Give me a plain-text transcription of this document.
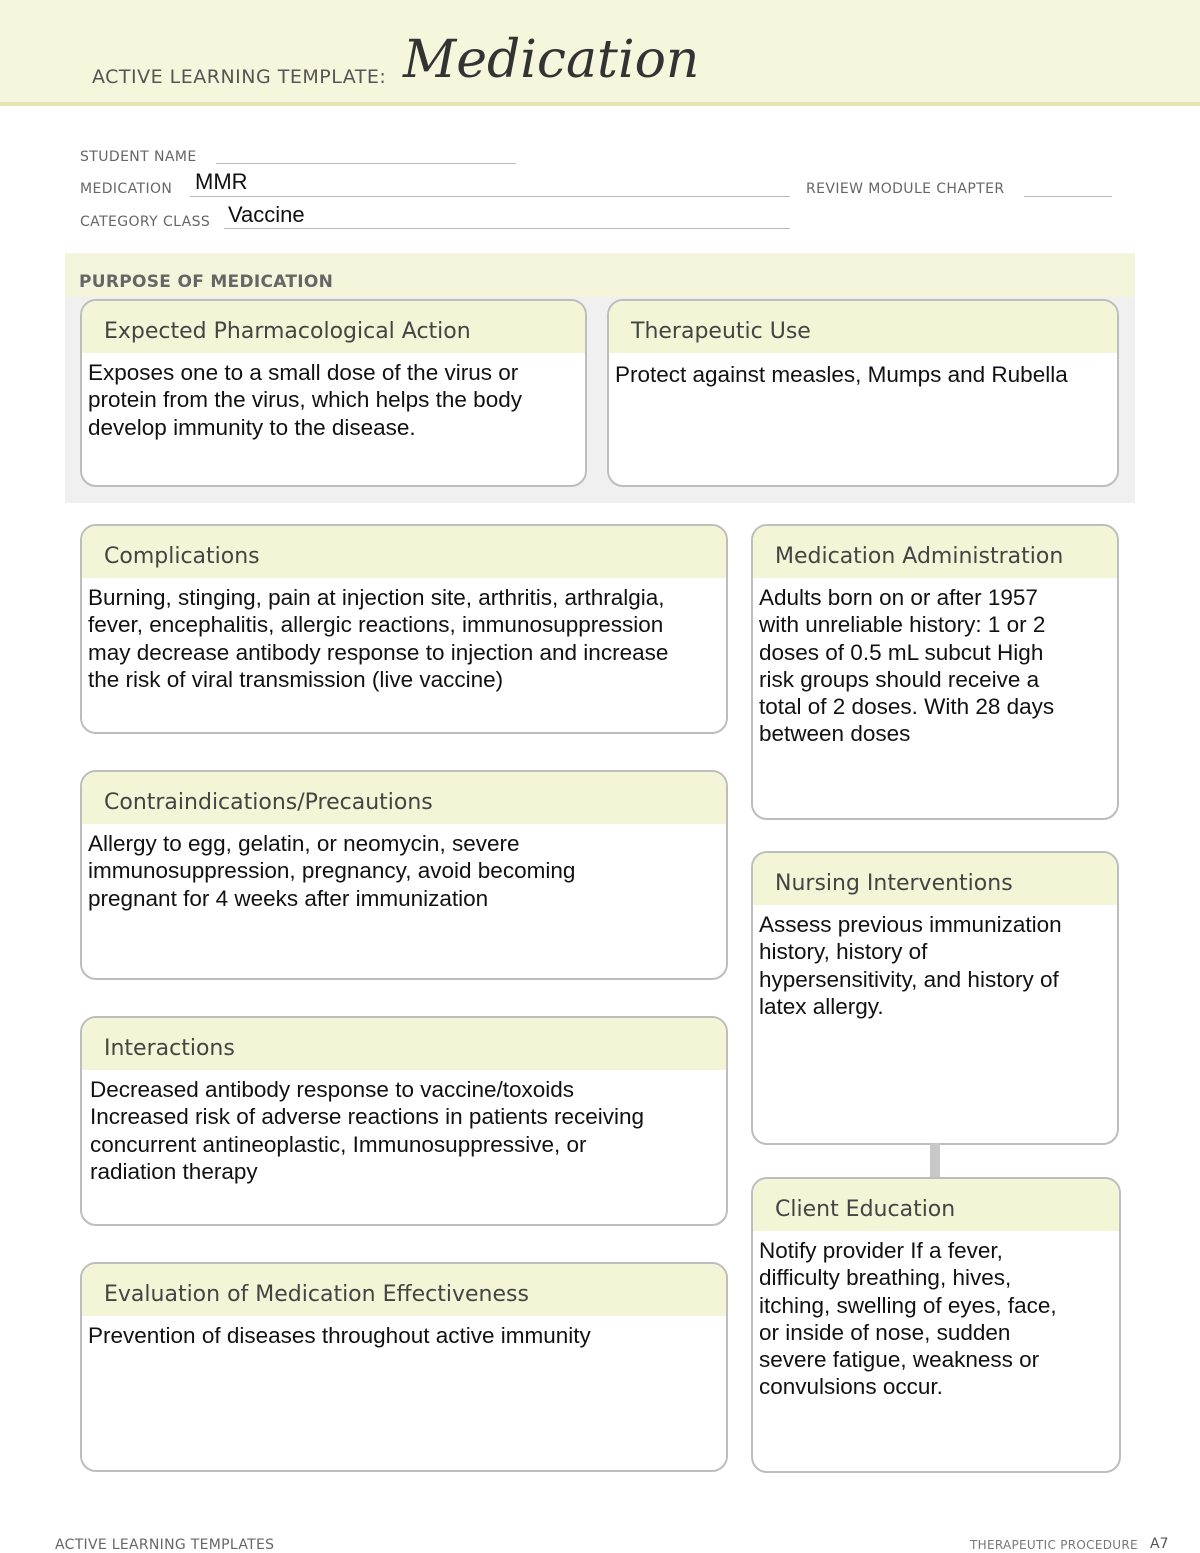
ACTIVE LEARNING TEMPLATE: Medication
STUDENT NAME
MEDICATION MMR	REVIEW MODULE CHAPTER
CATEGORY CLASS Vaccine
PURPOSE OF MEDICATION
Expected Pharmacological Action
Exposes one to a small dose of the virus or
protein from the virus, which helps the body
develop immunity to the disease.
Therapeutic Use
Protect against measles, Mumps and Rubella
Complications
Burning, stinging, pain at injection site, arthritis, arthralgia,
fever, encephalitis, allergic reactions, immunosuppression
may decrease antibody response to injection and increase
the risk of viral transmission (live vaccine)
Contraindications/Precautions
Allergy to egg, gelatin, or neomycin, severe
immunosuppression, pregnancy, avoid becoming
pregnant for 4 weeks after immunization
Interactions
Decreased antibody response to vaccine/toxoids
Increased risk of adverse reactions in patients receiving
concurrent antineoplastic, Immunosuppressive, or
radiation therapy
Evaluation of Medication Effectiveness
Prevention of diseases throughout active immunity
Medication Administration
Adults born on or after 1957
with unreliable history: 1 or 2
doses of 0.5 mL subcut High
risk groups should receive a
total of 2 doses. With 28 days
between doses
Nursing Interventions
Assess previous immunization
history, history of
hypersensitivity, and history of
latex allergy.
Client Education
Notify provider If a fever,
difficulty breathing, hives,
itching, swelling of eyes, face,
or inside of nose, sudden
severe fatigue, weakness or
convulsions occur.
ACTIVE LEARNING TEMPLATES	THERAPEUTIC PROCEDURE A7
